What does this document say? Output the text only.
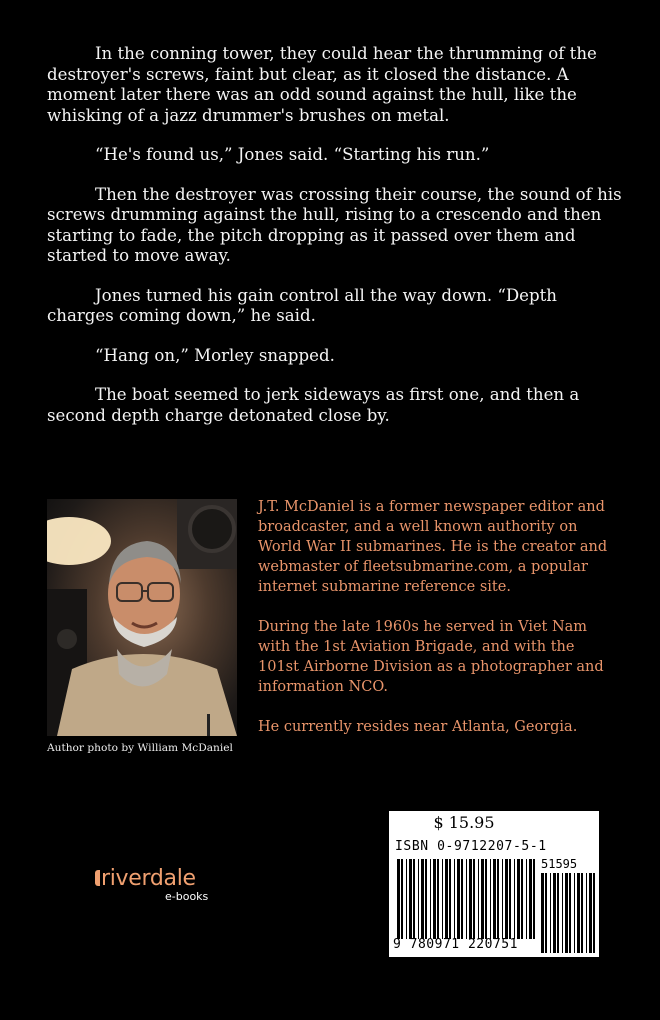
In the conning tower, they could hear the thrumming of the destroyer's screws, faint but clear, as it closed the distance. A moment later there was an odd sound against the hull, like the whisking of a jazz drummer's brushes on metal.

“He's found us,” Jones said. “Starting his run.”

Then the destroyer was crossing their course, the sound of his screws drumming against the hull, rising to a crescendo and then starting to fade, the pitch dropping as it passed over them and started to move away.

Jones turned his gain control all the way down. “Depth charges coming down,” he said.

“Hang on,” Morley snapped.

The boat seemed to jerk sideways as first one, and then a second depth charge detonated close by.

Author photo by William McDaniel

J.T. McDaniel is a former newspaper editor and broadcaster, and a well known authority on World War II submarines. He is the creator and webmaster of fleetsubmarine.com, a popular internet submarine reference site.

During the late 1960s he served in Viet Nam with the 1st Aviation Brigade, and with the 101st Airborne Division as a photographer and information NCO.

He currently resides near Atlanta, Georgia.

riverdale
e-books
$ 15.95
ISBN 0-9712207-5-1
51595
9 780971 220751
